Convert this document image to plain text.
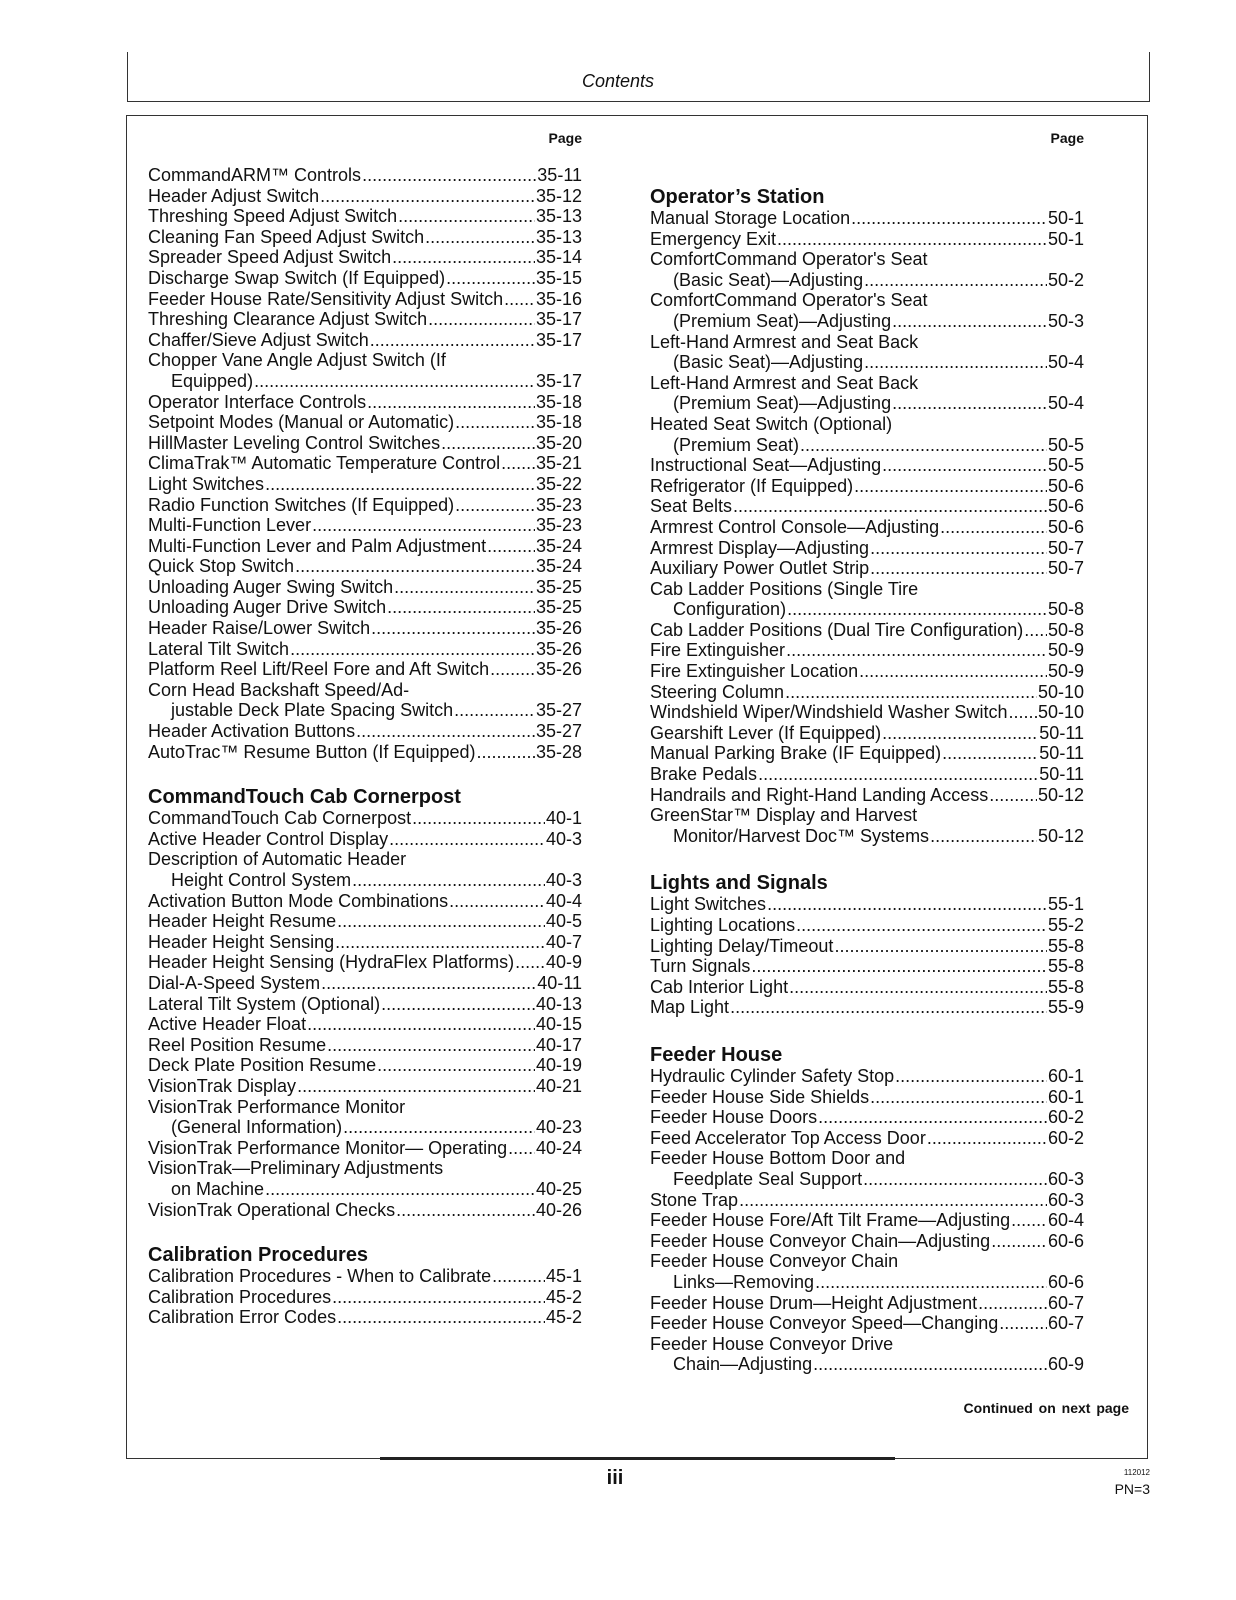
Contents
Page
CommandARM™ Controls .....	35-11
Header Adjust Switch .....	35-12
Threshing Speed Adjust Switch .....	35-13
Cleaning Fan Speed Adjust Switch .....	35-13
Spreader Speed Adjust Switch .....	35-14
Discharge Swap Switch (If Equipped) .....	35-15
Feeder House Rate/Sensitivity Adjust Switch ..... 35-16
Threshing Clearance Adjust Switch .....	35-17
Chaffer/Sieve Adjust Switch .....	35-17
Chopper Vane Angle Adjust Switch (If
Equipped) .....	35-17
Operator Interface Controls .....	35-18
Setpoint Modes (Manual or Automatic) .....	35-18
HillMaster Leveling Control Switches .....	35-20
ClimaTrak™ Automatic Temperature Control ..... 35-21
Light Switches .....	35-22
Radio Function Switches (If Equipped) .....	35-23
Multi-Function Lever .....	35-23
Multi-Function Lever and Palm Adjustment .....	35-24
Quick Stop Switch .....	35-24
Unloading Auger Swing Switch .....	35-25
Unloading Auger Drive Switch .....	35-25
Header Raise/Lower Switch .....	35-26
Lateral Tilt Switch .....	35-26
Platform Reel Lift/Reel Fore and Aft Switch .....	35-26
Corn Head Backshaft Speed/Ad-
justable Deck Plate Spacing Switch .....	35-27
Header Activation Buttons .....	35-27
AutoTrac™ Resume Button (If Equipped) .....	35-28
CommandTouch Cab Cornerpost
CommandTouch Cab Cornerpost .....	40-1
Active Header Control Display .....	40-3
Description of Automatic Header
Height Control System .....	40-3
Activation Button Mode Combinations .....	40-4
Header Height Resume .....	40-5
Header Height Sensing .....	40-7
Header Height Sensing (HydraFlex Platforms) ..... 40-9
Dial-A-Speed System .....	40-11
Lateral Tilt System (Optional) .....	40-13
Active Header Float .....	40-15
Reel Position Resume .....	40-17
Deck Plate Position Resume .....	40-19
VisionTrak Display .....	40-21
VisionTrak Performance Monitor
(General Information) .....	40-23
VisionTrak Performance Monitor— Operating ..... 40-24
VisionTrak—Preliminary Adjustments
on Machine .....	40-25
VisionTrak Operational Checks .....	40-26
Calibration Procedures
Calibration Procedures - When to Calibrate .....	45-1
Calibration Procedures .....	45-2
Calibration Error Codes .....	45-2
Page
Operator’s Station
Manual Storage Location .....	50-1
Emergency Exit .....	50-1
ComfortCommand Operator's Seat
(Basic Seat)—Adjusting .....	50-2
ComfortCommand Operator's Seat
(Premium Seat)—Adjusting .....	50-3
Left-Hand Armrest and Seat Back
(Basic Seat)—Adjusting .....	50-4
Left-Hand Armrest and Seat Back
(Premium Seat)—Adjusting .....	50-4
Heated Seat Switch (Optional)
(Premium Seat) .....	50-5
Instructional Seat—Adjusting .....	50-5
Refrigerator (If Equipped) .....	50-6
Seat Belts .....	50-6
Armrest Control Console—Adjusting .....	50-6
Armrest Display—Adjusting .....	50-7
Auxiliary Power Outlet Strip .....	50-7
Cab Ladder Positions (Single Tire
Configuration) .....	50-8
Cab Ladder Positions (Dual Tire Configuration) ..... 50-8
Fire Extinguisher .....	50-9
Fire Extinguisher Location .....	50-9
Steering Column .....	50-10
Windshield Wiper/Windshield Washer Switch ..... 50-10
Gearshift Lever (If Equipped) .....	50-11
Manual Parking Brake (IF Equipped) .....	50-11
Brake Pedals .....	50-11
Handrails and Right-Hand Landing Access .....	50-12
GreenStar™ Display and Harvest
Monitor/Harvest Doc™ Systems .....	50-12
Lights and Signals
Light Switches .....	55-1
Lighting Locations .....	55-2
Lighting Delay/Timeout .....	55-8
Turn Signals .....	55-8
Cab Interior Light .....	55-8
Map Light .....	55-9
Feeder House
Hydraulic Cylinder Safety Stop .....	60-1
Feeder House Side Shields .....	60-1
Feeder House Doors .....	60-2
Feed Accelerator Top Access Door .....	60-2
Feeder House Bottom Door and
Feedplate Seal Support .....	60-3
Stone Trap .....	60-3
Feeder House Fore/Aft Tilt Frame—Adjusting ..... 60-4
Feeder House Conveyor Chain—Adjusting .....	60-6
Feeder House Conveyor Chain
Links—Removing .....	60-6
Feeder House Drum—Height Adjustment .....	60-7
Feeder House Conveyor Speed—Changing .....	60-7
Feeder House Conveyor Drive
Chain—Adjusting .....	60-9
Continued on next page
iii	112012
PN=3
